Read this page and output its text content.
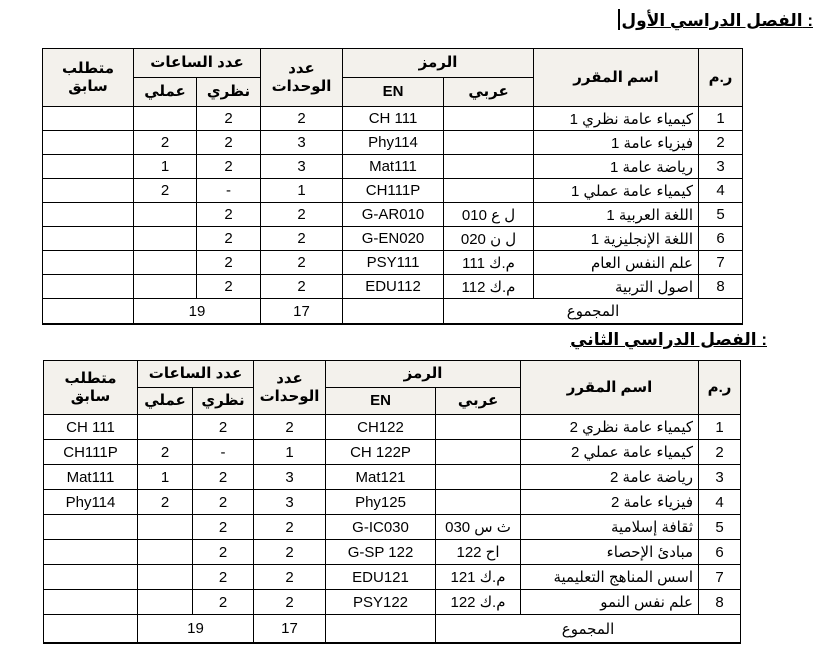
الفصل الدراسي الأول :
ر.م	اسم المقرر	الرمز		عدد الوحدات	عدد الساعات		متطلب سابق
		عربي	EN		نظري	عملي	
1	كيمياء عامة نظري 1		CH 111	2	2		
2	فيزياء عامة 1		Phy114	3	2	2	
3	رياضة عامة 1		Mat111	3	2	1	
4	كيمياء عامة عملي 1		CH111P	1	-	2	
5	اللغة العربية 1	ل ع 010	G-AR010	2	2		
6	اللغة الإنجليزية 1	ل ن 020	G-EN020	2	2		
7	علم النفس العام	م.ك 111	PSY111	2	2		
8	اصول التربية	م.ك 112	EDU112	2	2		
المجموع				17	19		
الفصل الدراسي الثاني :
ر.م	اسم المقرر	الرمز		عدد الوحدات	عدد الساعات		متطلب سابق
		عربي	EN		نظري	عملي	
1	كيمياء عامة نظري 2		CH122	2	2		CH 111
2	كيمياء عامة عملي 2		CH 122P	1	-	2	CH111P
3	رياضة عامة 2		Mat121	3	2	1	Mat111
4	فيزياء عامة 2		Phy125	3	2	2	Phy114
5	ثقافة إسلامية	ث س 030	G-IC030	2	2		
6	مبادئ الإحصاء	اح 122	G-SP 122	2	2		
7	اسس المناهج التعليمية	م.ك 121	EDU121	2	2		
8	علم نفس النمو	م.ك 122	PSY122	2	2		
المجموع				17	19		
